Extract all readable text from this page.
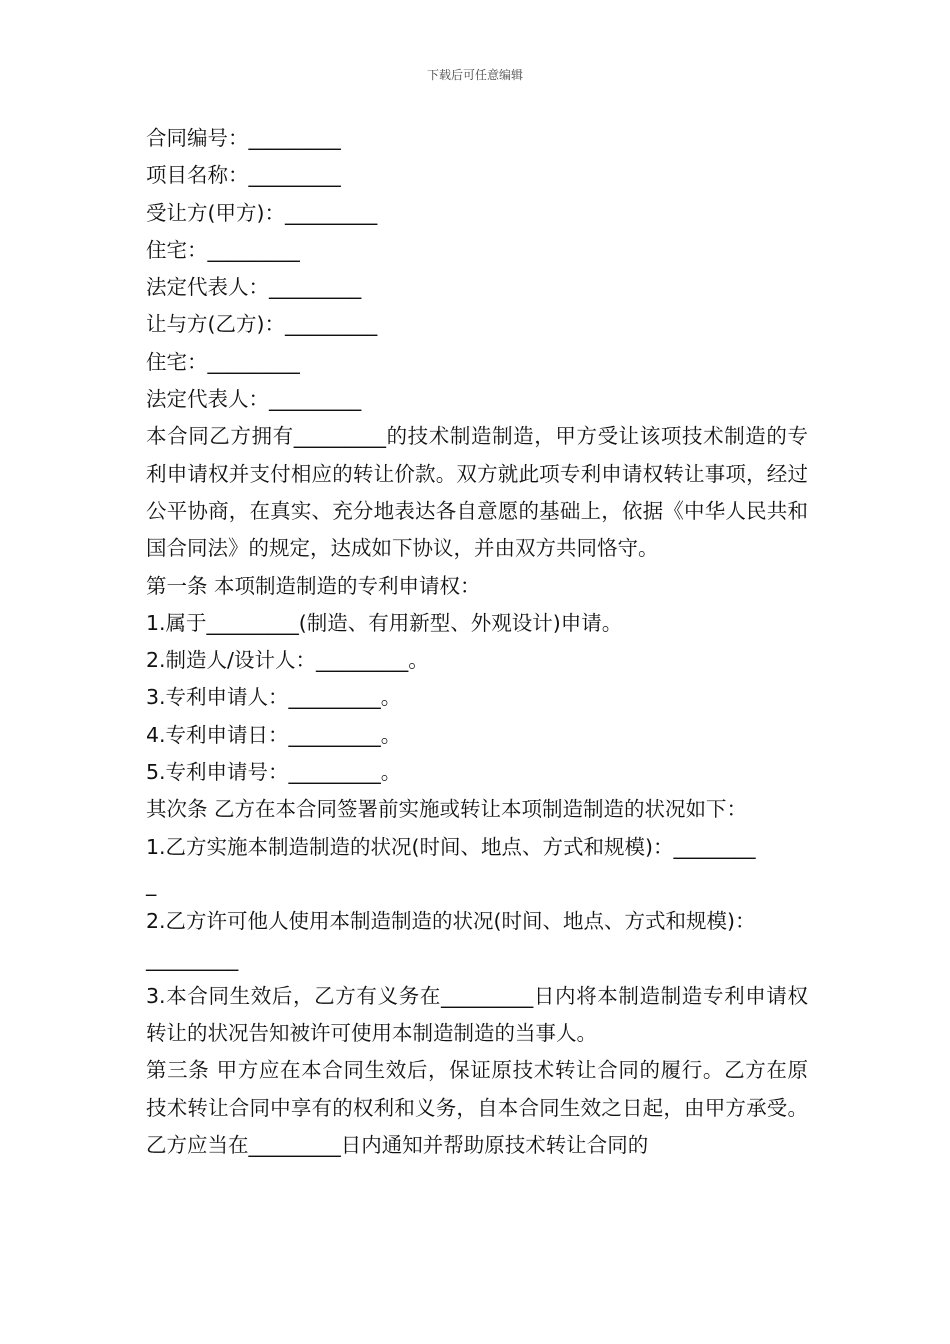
下载后可任意编辑

合同编号：_________

项目名称：_________

受让方(甲方)：_________

住宅：_________

法定代表人：_________

让与方(乙方)：_________

住宅：_________

法定代表人：_________

本合同乙方拥有_________的技术制造制造，甲方受让该项技术制造的专利申请权并支付相应的转让价款。双方就此项专利申请权转让事项，经过公平协商，在真实、充分地表达各自意愿的基础上，依据《中华人民共和国合同法》的规定，达成如下协议，并由双方共同恪守。

第一条 本项制造制造的专利申请权：

1.属于_________(制造、有用新型、外观设计)申请。

2.制造人/设计人：_________。

3.专利申请人：_________。

4.专利申请日：_________。

5.专利申请号：_________。

其次条 乙方在本合同签署前实施或转让本项制造制造的状况如下：

1.乙方实施本制造制造的状况(时间、地点、方式和规模)：________

_

2.乙方许可他人使用本制造制造的状况(时间、地点、方式和规模)：

_________

3.本合同生效后，乙方有义务在_________日内将本制造制造专利申请权转让的状况告知被许可使用本制造制造的当事人。

第三条 甲方应在本合同生效后，保证原技术转让合同的履行。乙方在原技术转让合同中享有的权利和义务，自本合同生效之日起，由甲方承受。乙方应当在_________日内通知并帮助原技术转让合同的
